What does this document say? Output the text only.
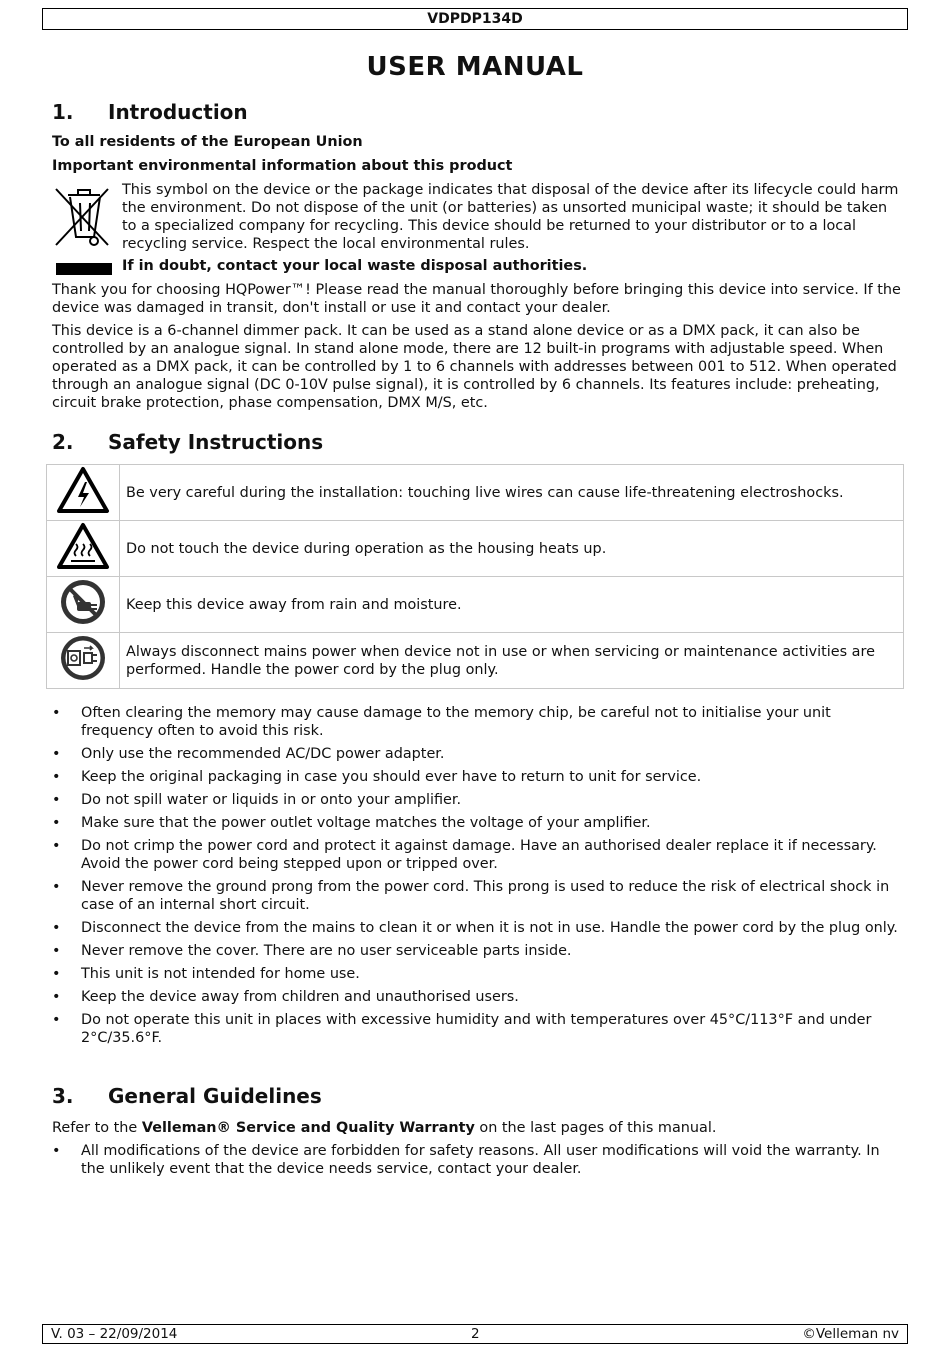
VDPDP134D
USER MANUAL
1. Introduction
To all residents of the European Union
Important environmental information about this product
This symbol on the device or the package indicates that disposal of the device after its lifecycle could harm the environment. Do not dispose of the unit (or batteries) as unsorted municipal waste; it should be taken to a specialized company for recycling. This device should be returned to your distributor or to a local recycling service. Respect the local environmental rules.
If in doubt, contact your local waste disposal authorities.
Thank you for choosing HQPower™! Please read the manual thoroughly before bringing this device into service. If the device was damaged in transit, don't install or use it and contact your dealer.
This device is a 6-channel dimmer pack. It can be used as a stand alone device or as a DMX pack, it can also be controlled by an analogue signal. In stand alone mode, there are 12 built-in programs with adjustable speed. When operated as a DMX pack, it can be controlled by 1 to 6 channels with addresses between 001 to 512. When operated through an analogue signal (DC 0-10V pulse signal), it is controlled by 6 channels. Its features include: preheating, circuit brake protection, phase compensation, DMX M/S, etc.
2. Safety Instructions
	Be very careful during the installation: touching live wires can cause life-threatening electroshocks.
	Do not touch the device during operation as the housing heats up.
	Keep this device away from rain and moisture.
	Always disconnect mains power when device not in use or when servicing or maintenance activities are performed. Handle the power cord by the plug only.
• Often clearing the memory may cause damage to the memory chip, be careful not to initialise your unit frequency often to avoid this risk.
• Only use the recommended AC/DC power adapter.
• Keep the original packaging in case you should ever have to return to unit for service.
• Do not spill water or liquids in or onto your amplifier.
• Make sure that the power outlet voltage matches the voltage of your amplifier.
• Do not crimp the power cord and protect it against damage. Have an authorised dealer replace it if necessary. Avoid the power cord being stepped upon or tripped over.
• Never remove the ground prong from the power cord. This prong is used to reduce the risk of electrical shock in case of an internal short circuit.
• Disconnect the device from the mains to clean it or when it is not in use. Handle the power cord by the plug only.
• Never remove the cover. There are no user serviceable parts inside.
• This unit is not intended for home use.
• Keep the device away from children and unauthorised users.
• Do not operate this unit in places with excessive humidity and with temperatures over 45°C/113°F and under 2°C/35.6°F.
3. General Guidelines
Refer to the Velleman® Service and Quality Warranty on the last pages of this manual.
• All modifications of the device are forbidden for safety reasons. All user modifications will void the warranty. In the unlikely event that the device needs service, contact your dealer.
V. 03 – 22/09/2014	2	©Velleman nv
